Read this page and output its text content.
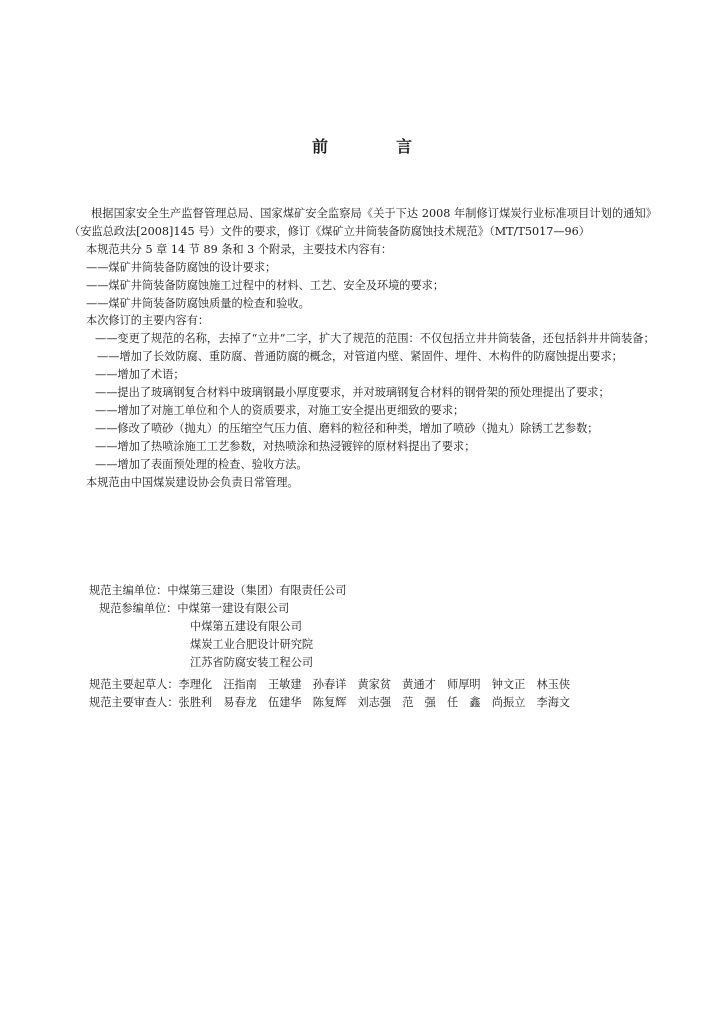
前　言

根据国家安全生产监督管理总局、国家煤矿安全监察局《关于下达 2008 年制修订煤炭行业标准项目计划的通知》（安监总政法[2008]145 号）文件的要求，修订《煤矿立井筒装备防腐蚀技术规范》（MT/T5017—96）

本规范共分 5 章 14 节 89 条和 3 个附录，主要技术内容有：

——煤矿井筒装备防腐蚀的设计要求；

——煤矿井筒装备防腐蚀施工过程中的材料、工艺、安全及环境的要求；

——煤矿井筒装备防腐蚀质量的检查和验收。

本次修订的主要内容有：

——变更了规范的名称，去掉了“立井”二字，扩大了规范的范围：不仅包括立井井筒装备，还包括斜井井筒装备；

——增加了长效防腐、重防腐、普通防腐的概念，对管道内壁、紧固件、埋件、木构件的防腐蚀提出要求；

——增加了术语；

——提出了玻璃钢复合材料中玻璃钢最小厚度要求，并对玻璃钢复合材料的钢骨架的预处理提出了要求；

——增加了对施工单位和个人的资质要求，对施工安全提出更细致的要求；

——修改了喷砂（抛丸）的压缩空气压力值、磨料的粒径和种类，增加了喷砂（抛丸）除锈工艺参数；

——增加了热喷涂施工工艺参数，对热喷涂和热浸镀锌的原材料提出了要求；

——增加了表面预处理的检查、验收方法。

本规范由中国煤炭建设协会负责日常管理。

规范主编单位：中煤第三建设（集团）有限责任公司
规范参编单位：中煤第一建设有限公司
中煤第五建设有限公司
煤炭工业合肥设计研究院
江苏省防腐安装工程公司
规范主要起草人：李理化　汪指南　王敏建　孙春详　黄家贫　黄通才　师厚明　钟文正　林玉侠
规范主要审查人：张胜利　易春龙　伍建华　陈复辉　刘志强　范　强　任　鑫　尚振立　李海文
